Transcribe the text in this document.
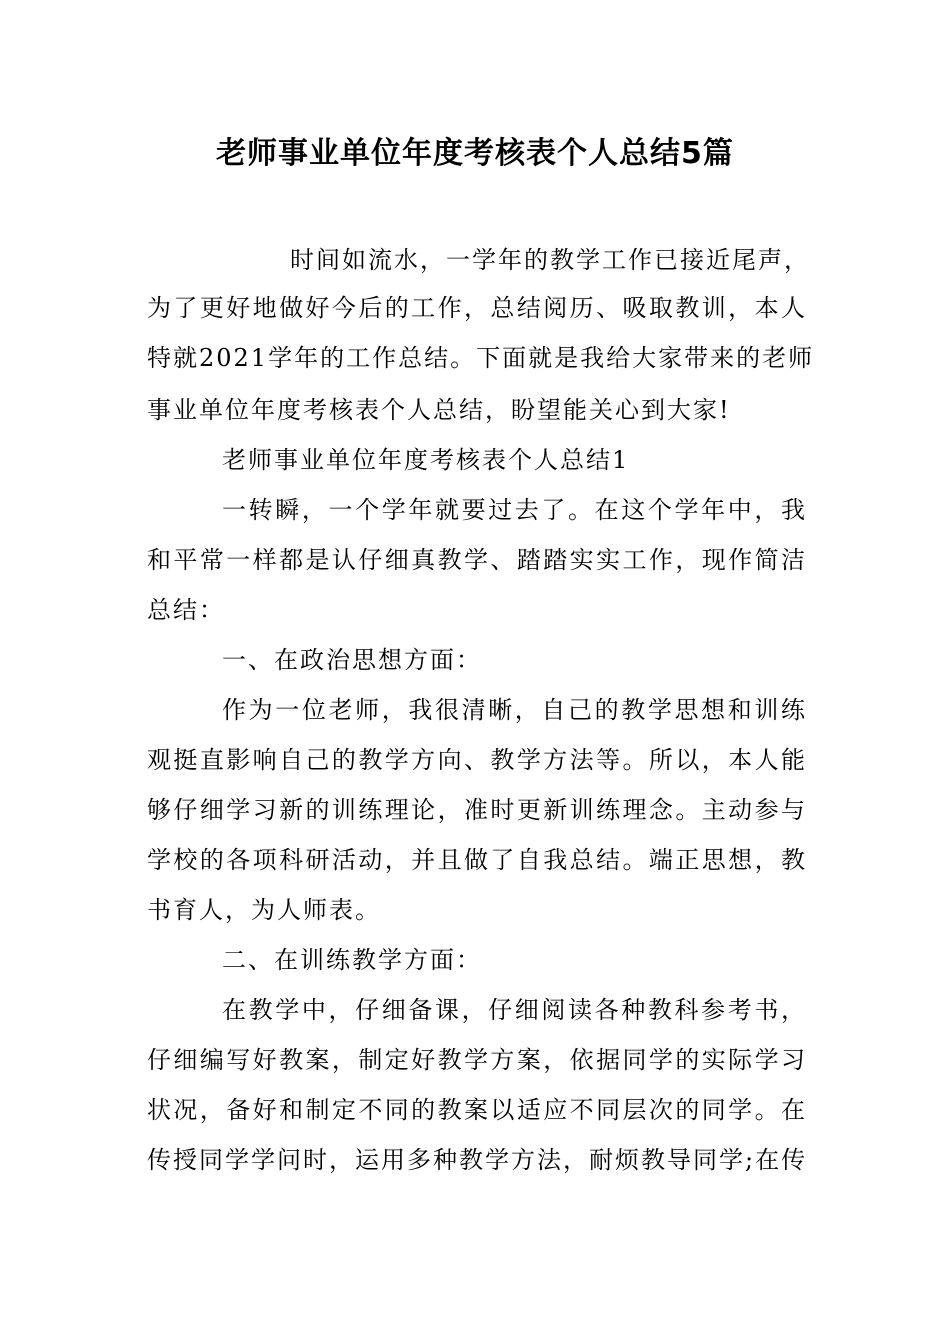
老师事业单位年度考核表个人总结5篇

时间如流水，一学年的教学工作已接近尾声，

为了更好地做好今后的工作，总结阅历、吸取教训，本人

特就2021学年的工作总结。下面就是我给大家带来的老师

事业单位年度考核表个人总结，盼望能关心到大家!

老师事业单位年度考核表个人总结1

一转瞬，一个学年就要过去了。在这个学年中，我

和平常一样都是认仔细真教学、踏踏实实工作，现作简洁

总结：

一、在政治思想方面：

作为一位老师，我很清晰，自己的教学思想和训练

观挺直影响自己的教学方向、教学方法等。所以，本人能

够仔细学习新的训练理论，准时更新训练理念。主动参与

学校的各项科研活动，并且做了自我总结。端正思想，教

书育人，为人师表。

二、在训练教学方面：

在教学中，仔细备课，仔细阅读各种教科参考书，

仔细编写好教案，制定好教学方案，依据同学的实际学习

状况，备好和制定不同的教案以适应不同层次的同学。在

传授同学学问时，运用多种教学方法，耐烦教导同学;在传
